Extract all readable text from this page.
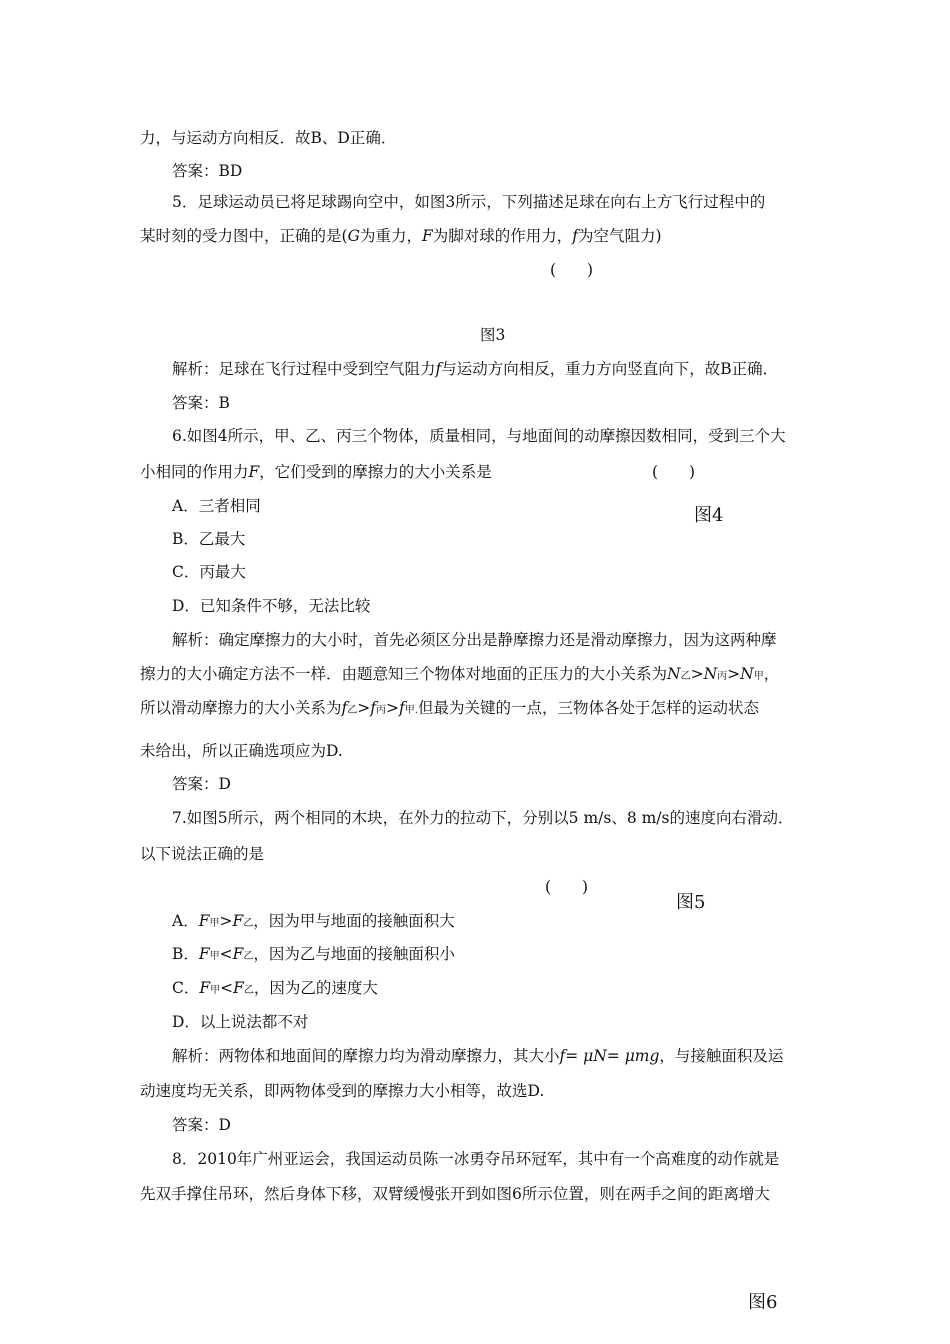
力，与运动方向相反．故B、D正确．
答案：BD
5．足球运动员已将足球踢向空中，如图3所示，下列描述足球在向右上方飞行过程中的
某时刻的受力图中，正确的是(G为重力，F为脚对球的作用力，f为空气阻力)
(　　)
图3
解析：足球在飞行过程中受到空气阻力f与运动方向相反，重力方向竖直向下，故B正确．
答案：B
6.如图4所示，甲、乙、丙三个物体，质量相同，与地面间的动摩擦因数相同，受到三个大
小相同的作用力F，它们受到的摩擦力的大小关系是	(　　)
A．三者相同	图4
B．乙最大
C．丙最大
D．已知条件不够，无法比较
解析：确定摩擦力的大小时，首先必须区分出是静摩擦力还是滑动摩擦力，因为这两种摩
擦力的大小确定方法不一样．由题意知三个物体对地面的正压力的大小关系为N乙>N丙>N甲，
所以滑动摩擦力的大小关系为f乙>f丙>f甲.但最为关键的一点，三物体各处于怎样的运动状态
未给出，所以正确选项应为D.
答案：D
7.如图5所示，两个相同的木块，在外力的拉动下，分别以5 m/s、8 m/s的速度向右滑动．
以下说法正确的是
(　　)
图5
A．F甲>F乙，因为甲与地面的接触面积大
B．F甲<F乙，因为乙与地面的接触面积小
C．F甲<F乙，因为乙的速度大
D．以上说法都不对
解析：两物体和地面间的摩擦力均为滑动摩擦力，其大小f= μN= μmg，与接触面积及运
动速度均无关系，即两物体受到的摩擦力大小相等，故选D.
答案：D
8．2010年广州亚运会，我国运动员陈一冰勇夺吊环冠军，其中有一个高难度的动作就是
先双手撑住吊环，然后身体下移，双臂缓慢张开到如图6所示位置，则在两手之间的距离增大
图6
